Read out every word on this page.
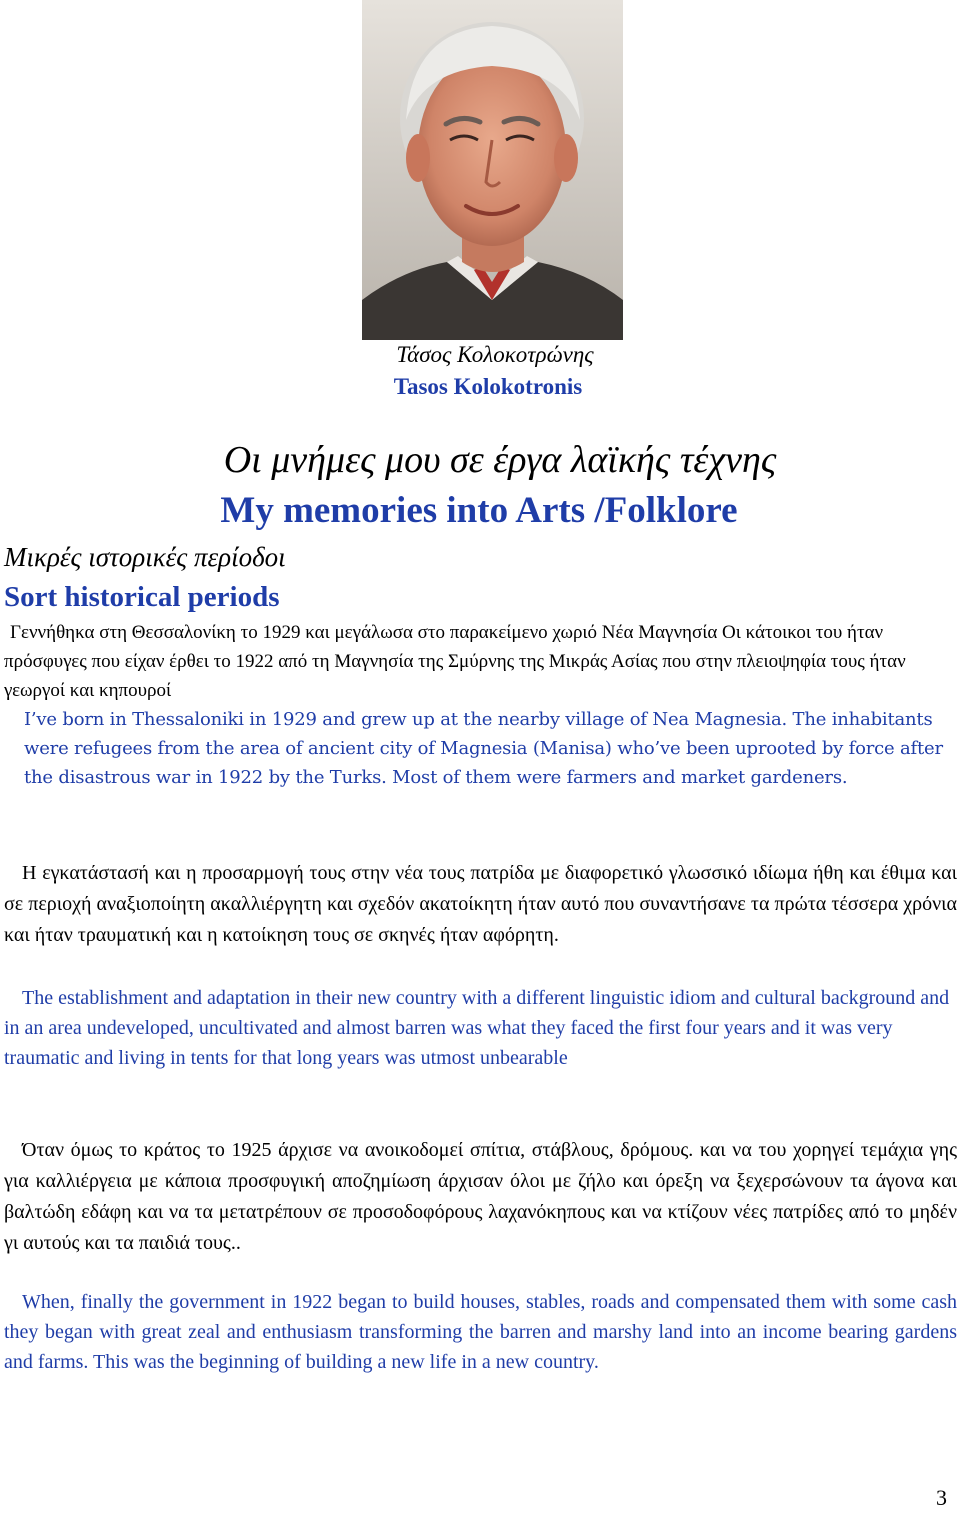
Τάσος Κολοκοτρώνης
Tasos Kolokotronis
Οι μνήμες μου σε έργα λαϊκής τέχνης
My memories into Arts /Folklore
Μικρές ιστορικές περίοδοι
Sort historical periods
Γεννήθηκα στη Θεσσαλονίκη το 1929 και μεγάλωσα στο παρακείμενο χωριό Νέα Μαγνησία Οι κάτοικοι του ήταν πρόσφυγες που είχαν έρθει το 1922 από τη Μαγνησία της Σμύρνης της Μικράς Ασίας που στην πλειοψηφία τους ήταν γεωργοί και κηπουροί
I’ve born in Thessaloniki in 1929 and grew up at the nearby village of Nea Magnesia. The inhabitants were refugees from the area of ancient city of Magnesia (Manisa) who’ve been uprooted by force after the disastrous war in 1922 by the Turks. Most of them were farmers and market gardeners.

Η εγκατάστασή και η προσαρμογή τους στην νέα τους πατρίδα με διαφορετικό γλωσσικό ιδίωμα ήθη και έθιμα και σε περιοχή αναξιοποίητη ακαλλιέργητη και σχεδόν ακατοίκητη ήταν αυτό που συναντήσανε τα πρώτα τέσσερα χρόνια και ήταν τραυματική και η κατοίκηση τους σε σκηνές ήταν αφόρητη.

The establishment and adaptation in their new country with a different linguistic idiom and cultural background and in an area undeveloped, uncultivated and almost barren was what they faced the first four years and it was very traumatic and living in tents for that long years was utmost unbearable

Όταν όμως το κράτος το 1925 άρχισε να ανοικοδομεί σπίτια, στάβλους, δρόμους. και να του χορηγεί τεμάχια γης για καλλιέργεια με κάποια προσφυγική αποζημίωση άρχισαν όλοι με ζήλο και όρεξη να ξεχερσώνουν τα άγονα και βαλτώδη εδάφη και να τα μετατρέπουν σε προσοδοφόρους λαχανόκηπους και να κτίζουν νέες πατρίδες από το μηδέν γι αυτούς και τα παιδιά τους..

When, finally the government in 1922 began to build houses, stables, roads and compensated them with some cash they began with great zeal and enthusiasm transforming the barren and marshy land into an income bearing gardens and farms. This was the beginning of building a new life in a new country.

3
